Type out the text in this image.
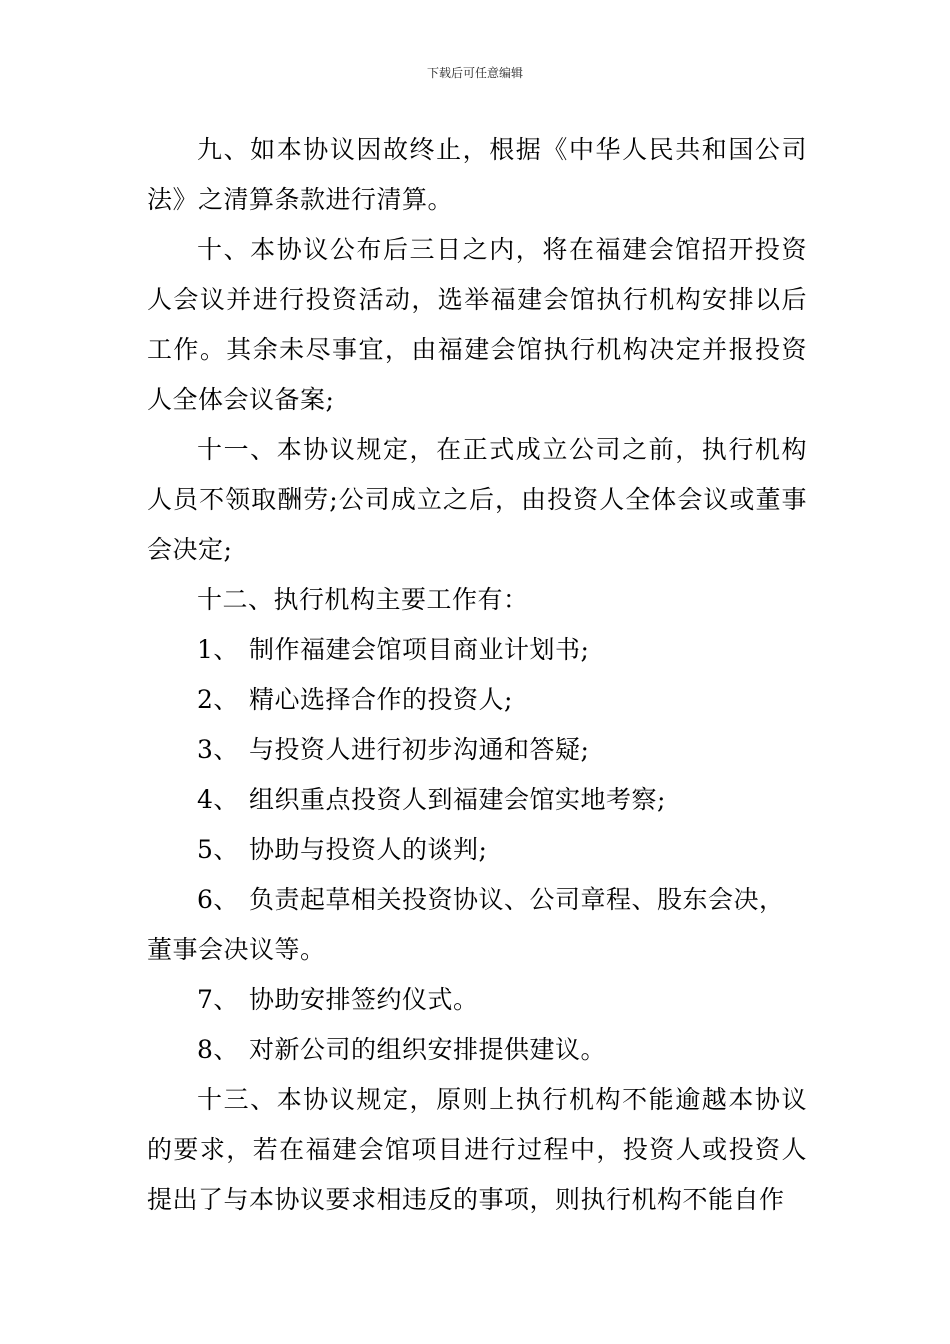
下载后可任意编辑

九、如本协议因故终止，根据《中华人民共和国公司法》之清算条款进行清算。

十、本协议公布后三日之内，将在福建会馆招开投资人会议并进行投资活动，选举福建会馆执行机构安排以后工作。其余未尽事宜，由福建会馆执行机构决定并报投资人全体会议备案;

十一、本协议规定，在正式成立公司之前，执行机构人员不领取酬劳;公司成立之后，由投资人全体会议或董事会决定;

十二、执行机构主要工作有：

1、 制作福建会馆项目商业计划书;

2、 精心选择合作的投资人;

3、 与投资人进行初步沟通和答疑;

4、 组织重点投资人到福建会馆实地考察;

5、 协助与投资人的谈判;

6、 负责起草相关投资协议、公司章程、股东会决，董事会决议等。

7、 协助安排签约仪式。

8、 对新公司的组织安排提供建议。

十三、本协议规定，原则上执行机构不能逾越本协议的要求，若在福建会馆项目进行过程中，投资人或投资人提出了与本协议要求相违反的事项，则执行机构不能自作
